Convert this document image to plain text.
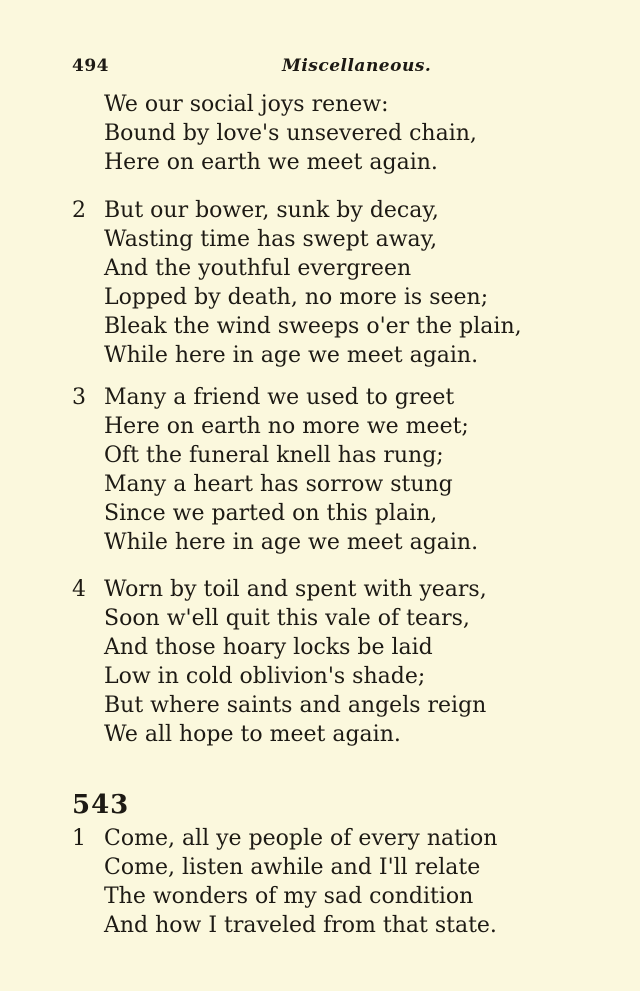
494	Miscellaneous.
We our social joys renew:
Bound by love's unsevered chain,
Here on earth we meet again.
2 But our bower, sunk by decay,
Wasting time has swept away,
And the youthful evergreen
Lopped by death, no more is seen;
Bleak the wind sweeps o'er the plain,
While here in age we meet again.
3 Many a friend we used to greet
Here on earth no more we meet;
Oft the funeral knell has rung;
Many a heart has sorrow stung
Since we parted on this plain,
While here in age we meet again.
4 Worn by toil and spent with years,
Soon w'ell quit this vale of tears,
And those hoary locks be laid
Low in cold oblivion's shade;
But where saints and angels reign
We all hope to meet again.
543
1 Come, all ye people of every nation
Come, listen awhile and I'll relate
The wonders of my sad condition
And how I traveled from that state.
